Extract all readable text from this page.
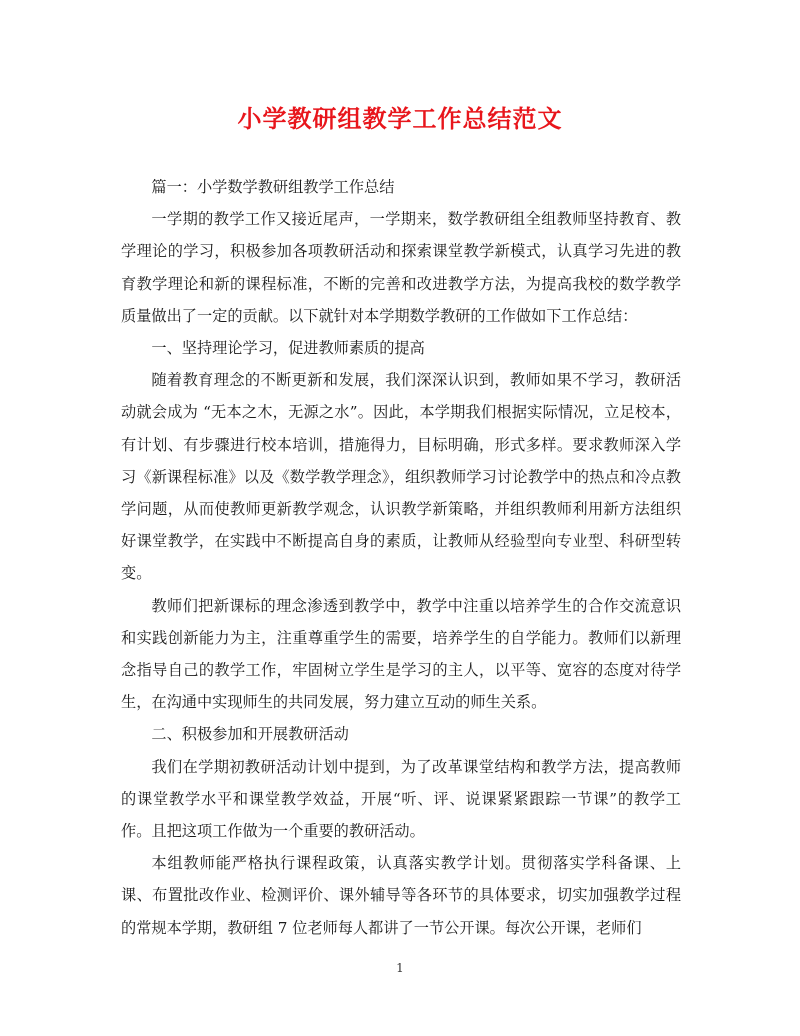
小学教研组教学工作总结范文

篇一：小学数学教研组教学工作总结

一学期的教学工作又接近尾声，一学期来，数学教研组全组教师坚持教育、教学理论的学习，积极参加各项教研活动和探索课堂教学新模式，认真学习先进的教育教学理论和新的课程标准，不断的完善和改进教学方法，为提高我校的数学教学质量做出了一定的贡献。以下就针对本学期数学教研的工作做如下工作总结：

一、坚持理论学习，促进教师素质的提高

随着教育理念的不断更新和发展，我们深深认识到，教师如果不学习，教研活动就会成为 “无本之木，无源之水”。因此，本学期我们根据实际情况，立足校本，有计划、有步骤进行校本培训，措施得力，目标明确，形式多样。要求教师深入学习《新课程标准》以及《数学教学理念》，组织教师学习讨论教学中的热点和冷点教学问题，从而使教师更新教学观念，认识教学新策略，并组织教师利用新方法组织好课堂教学，在实践中不断提高自身的素质，让教师从经验型向专业型、科研型转变。

教师们把新课标的理念渗透到教学中，教学中注重以培养学生的合作交流意识和实践创新能力为主，注重尊重学生的需要，培养学生的自学能力。教师们以新理念指导自己的教学工作，牢固树立学生是学习的主人，以平等、宽容的态度对待学生，在沟通中实现师生的共同发展，努力建立互动的师生关系。

二、积极参加和开展教研活动

我们在学期初教研活动计划中提到，为了改革课堂结构和教学方法，提高教师的课堂教学水平和课堂教学效益，开展“听、评、说课紧紧跟踪一节课”的教学工作。且把这项工作做为一个重要的教研活动。

本组教师能严格执行课程政策，认真落实教学计划。贯彻落实学科备课、上课、布置批改作业、检测评价、课外辅导等各环节的具体要求，切实加强教学过程的常规本学期，教研组 7 位老师每人都讲了一节公开课。每次公开课，老师们

1
